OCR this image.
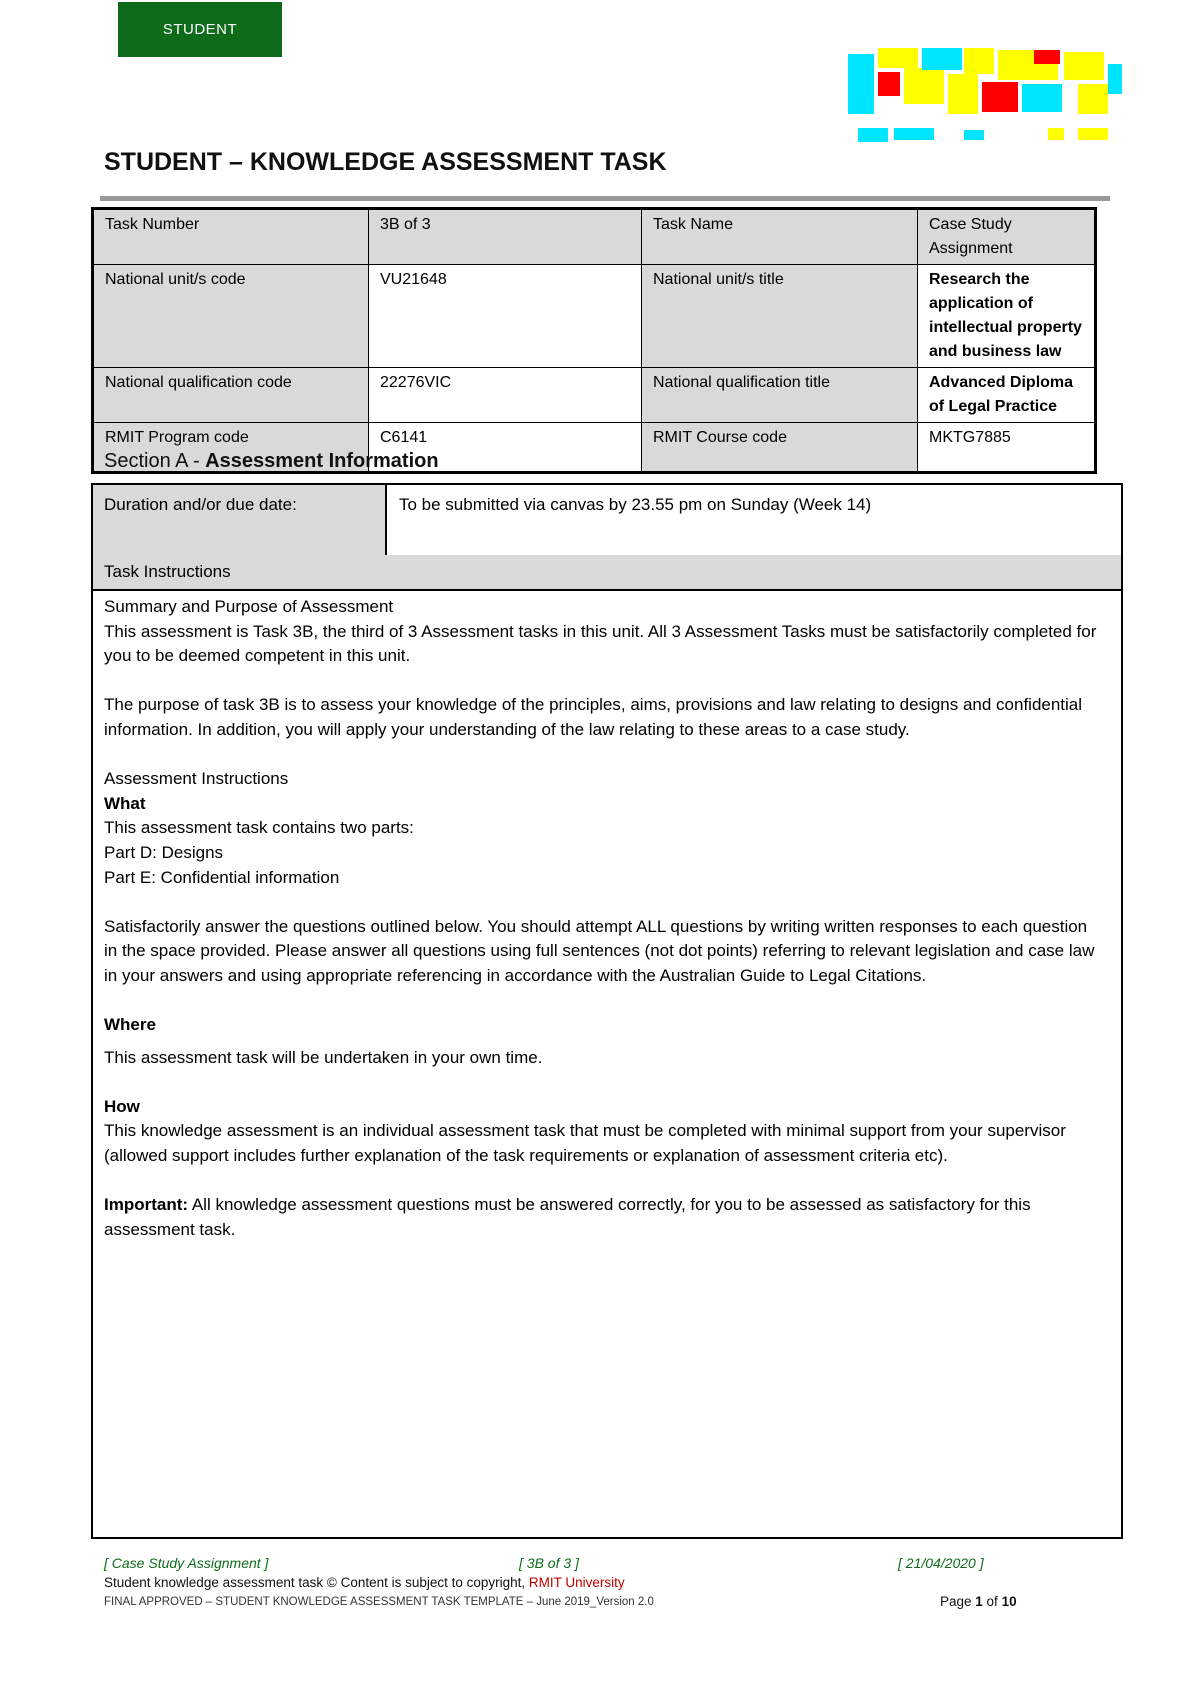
STUDENT
RMIT UNIVERSITY
STUDENT – KNOWLEDGE ASSESSMENT TASK
Task Number	3B of 3	Task Name	Case Study Assignment
National unit/s code	VU21648	National unit/s title	Research the application of intellectual property and business law
National qualification code	22276VIC	National qualification title	Advanced Diploma of Legal Practice
RMIT Program code	C6141	RMIT Course code	MKTG7885
Section A - Assessment Information
Duration and/or due date:	To be submitted via canvas by 23.55 pm on Sunday (Week 14)
Task Instructions

Summary and Purpose of Assessment

This assessment is Task 3B, the third of 3 Assessment tasks in this unit. All 3 Assessment Tasks must be satisfactorily completed for you to be deemed competent in this unit.

The purpose of task 3B is to assess your knowledge of the principles, aims, provisions and law relating to designs and confidential information. In addition, you will apply your understanding of the law relating to these areas to a case study.

Assessment Instructions

What

This assessment task contains two parts:

Part D: Designs

Part E: Confidential information

Satisfactorily answer the questions outlined below. You should attempt ALL questions by writing written responses to each question in the space provided. Please answer all questions using full sentences (not dot points) referring to relevant legislation and case law in your answers and using appropriate referencing in accordance with the Australian Guide to Legal Citations.

Where

This assessment task will be undertaken in your own time.

How

This knowledge assessment is an individual assessment task that must be completed with minimal support from your supervisor (allowed support includes further explanation of the task requirements or explanation of assessment criteria etc).

Important: All knowledge assessment questions must be answered correctly, for you to be assessed as satisfactory for this assessment task.

[ Case Study Assignment ]	[ 3B of 3 ]	[ 21/04/2020 ]
Student knowledge assessment task © Content is subject to copyright, RMIT University
FINAL APPROVED – STUDENT KNOWLEDGE ASSESSMENT TASK TEMPLATE – June 2019_Version 2.0	Page 1 of 10
